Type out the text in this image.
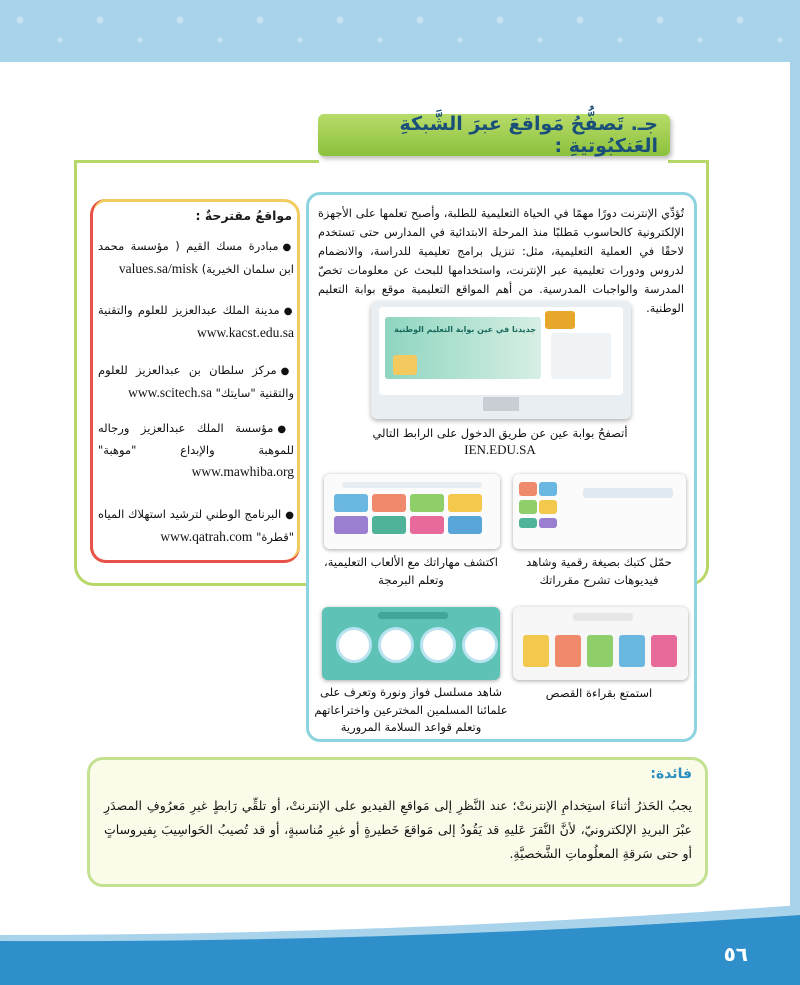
٥٦
جـ. تَصفُّحُ مَواقعَ عبرَ الشَّبكةِ العَنكبُوتيةِ :
تُؤدِّي الإنترنت دورًا مهمًا في الحياة التعليمية للطلبة، وأصبح تعلمها على الأجهزة الإلكترونية كالحاسوب مَطلبًا منذ المرحلة الابتدائية في المدارس حتى تستخدم لاحقًا في العملية التعليمية، مثل: تنزيل برامج تعليمية للدراسة، والانضمام لدروس ودورات تعليمية عبر الإنترنت، واستخدامها للبحث عن معلومات تخصّ المدرسة والواجبات المدرسية. من أهم المواقع التعليمية موقع بوابة التعليم الوطنية.
جديدنا في عين بوابة التعليم الوطنية
أتصفحُ بوابة عين عن طريق الدخول على الرابط التالي
IEN.EDU.SA
حمّل كتبك بصيغة رقمية وشاهد فيديوهات تشرح مقرراتك
اكتشف مهاراتك مع الألعاب التعليمية، وتعلم البرمجة
استمتع بقراءة القصص
شاهد مسلسل فواز ونورة وتعرف على علمائنا المسلمين المخترعين واختراعاتهم وتعلم قواعد السلامة المرورية
مواقعُ مقترحةٌ :
●مبادرة مسك القيم ( مؤسسة محمد ابن سلمان الخيرية) values.sa/misk
●مدينة الملك عبدالعزيز للعلوم والتقنية www.kacst.edu.sa
●مركز سلطان بن عبدالعزيز للعلوم والتقنية "سايتك" www.scitech.sa
●مؤسسة الملك عبدالعزيز ورجاله للموهبة والإبداع "موهبة" www.mawhiba.org
●البرنامج الوطني لترشيد استهلاك المياه "قطرة" www.qatrah.com
فائدة:
يجبُ الحَذرُ أثناءَ استِخدامِ الإنترنتْ؛ عند النَّظرِ إلى مَواقعِ الفيديو على الإنترنتْ، أو تلقِّي رَابطٍ غيرِ مَعرُوفِ المصدَرِ عبْرَ البريدِ الإلكترونيّ، لأنَّ النَّقرَ عَليهِ قد يَقُودُ إلى مَواقعَ خَطيرةٍ أو غيرِ مُناسبةٍ، أو قد تُصيبُ الحَواسِيبَ بِفيروساتٍ أو حتى سَرقةِ المعلُوماتِ الشَّخصيَّةِ.
